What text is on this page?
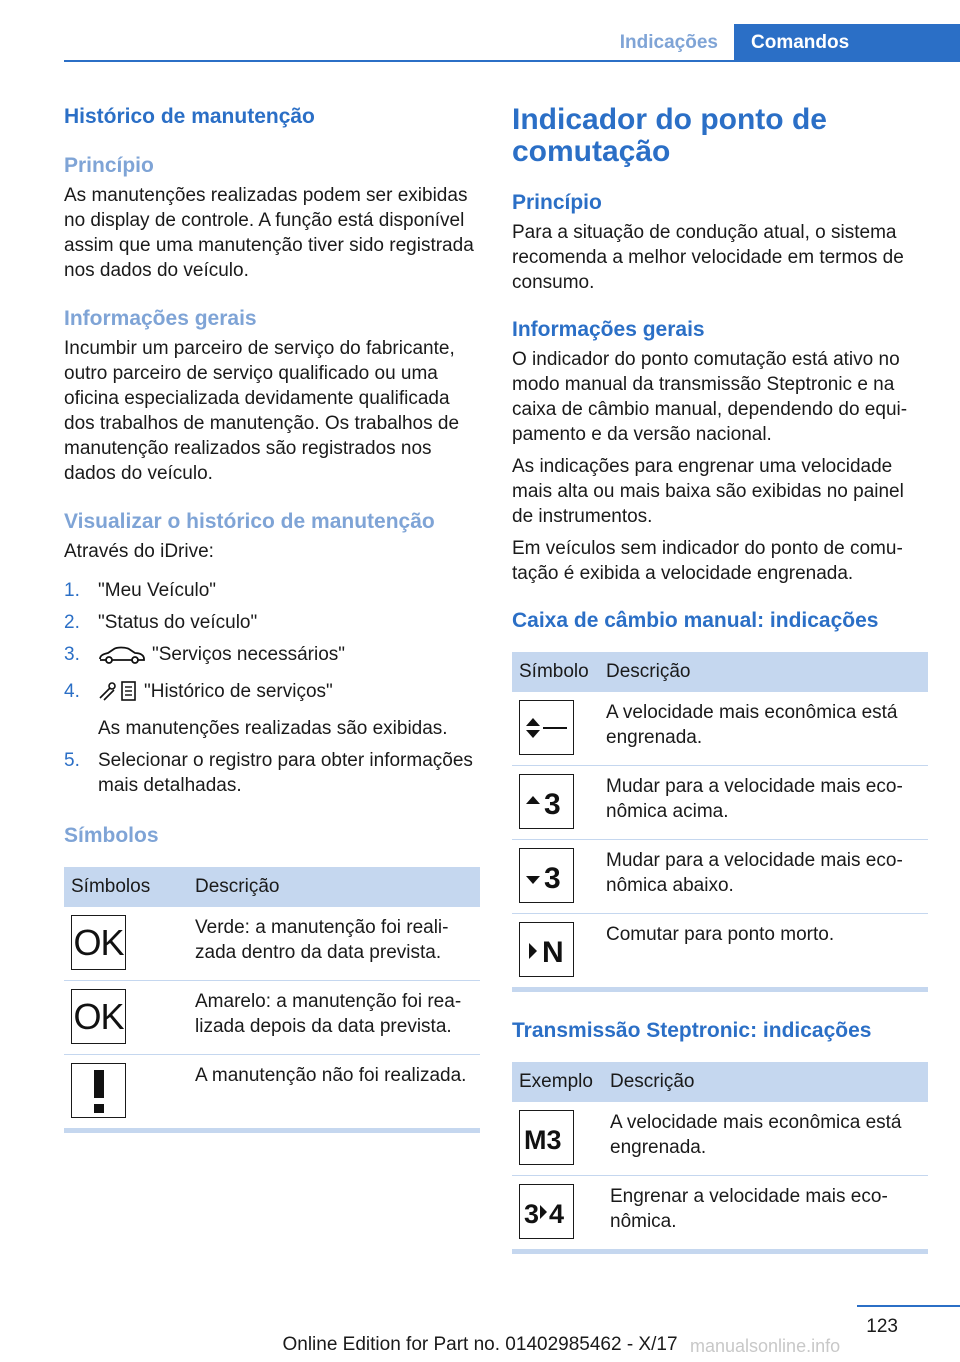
Indicações	Comandos
Histórico de manutenção
Princípio
As manutenções realizadas podem ser exibidas no display de controle. A função está disponível assim que uma manutenção tiver sido registrada nos dados do veículo.
Informações gerais
Incumbir um parceiro de serviço do fabricante, outro parceiro de serviço qualificado ou uma oficina especializada devidamente qualificada dos trabalhos de manutenção. Os trabalhos de manutenção realizados são registrados nos dados do veículo.
Visualizar o histórico de manutenção
Através do iDrive:
1. "Meu Veículo"
2. "Status do veículo"
3.	"Serviços necessários"
4.	"Histórico de serviços"
As manutenções realizadas são exibidas.
5. Selecionar o registro para obter informações mais detalhadas.
Símbolos
Símbolos	Descrição

OK	Verde: a manutenção foi realizada dentro da data prevista.

OK	Amarelo: a manutenção foi realizada depois da data prevista.

	A manutenção não foi realizada.
Indicador do ponto de comutação
Princípio
Para a situação de condução atual, o sistema recomenda a melhor velocidade em termos de consumo.
Informações gerais
O indicador do ponto comutação está ativo no modo manual da transmissão Steptronic e na caixa de câmbio manual, dependendo do equipamento e da versão nacional.
As indicações para engrenar uma velocidade mais alta ou mais baixa são exibidas no painel de instrumentos.
Em veículos sem indicador do ponto de comutação é exibida a velocidade engrenada.
Caixa de câmbio manual: indicações
Símbolo	Descrição

	A velocidade mais econômica está engrenada.

3	Mudar para a velocidade mais econômica acima.

3	Mudar para a velocidade mais econômica abaixo.

N	Comutar para ponto morto.
Transmissão Steptronic: indicações
Exemplo	Descrição

M3	A velocidade mais econômica está engrenada.

3 4	Engrenar a velocidade mais econômica.
123
Online Edition for Part no. 01402985462 - X/17 manualsonline.info
